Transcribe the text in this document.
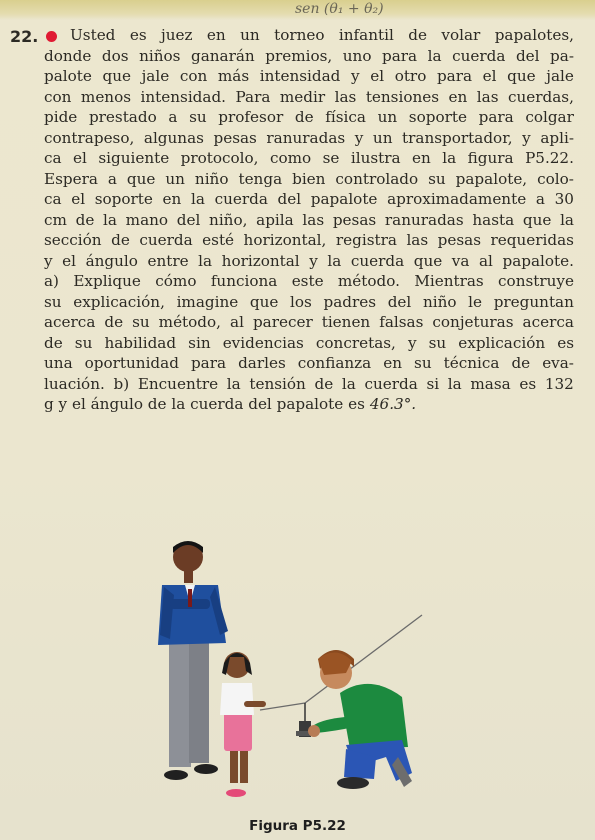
sen (θ₁ + θ₂)
22. Usted es juez en un torneo infantil de volar papalotes,
donde dos niños ganarán premios, uno para la cuerda del pa-
palote que jale con más intensidad y el otro para el que jale
con menos intensidad. Para medir las tensiones en las cuerdas,
pide prestado a su profesor de física un soporte para colgar
contrapeso, algunas pesas ranuradas y un transportador, y apli-
ca el siguiente protocolo, como se ilustra en la figura P5.22.
Espera a que un niño tenga bien controlado su papalote, colo-
ca el soporte en la cuerda del papalote aproximadamente a 30
cm de la mano del niño, apila las pesas ranuradas hasta que la
sección de cuerda esté horizontal, registra las pesas requeridas
y el ángulo entre la horizontal y la cuerda que va al papalote.
a) Explique cómo funciona este método. Mientras construye
su explicación, imagine que los padres del niño le preguntan
acerca de su método, al parecer tienen falsas conjeturas acerca
de su habilidad sin evidencias concretas, y su explicación es
una oportunidad para darles confianza en su técnica de eva-
luación. b) Encuentre la tensión de la cuerda si la masa es 132
g y el ángulo de la cuerda del papalote es 46.3°.
Figura P5.22
